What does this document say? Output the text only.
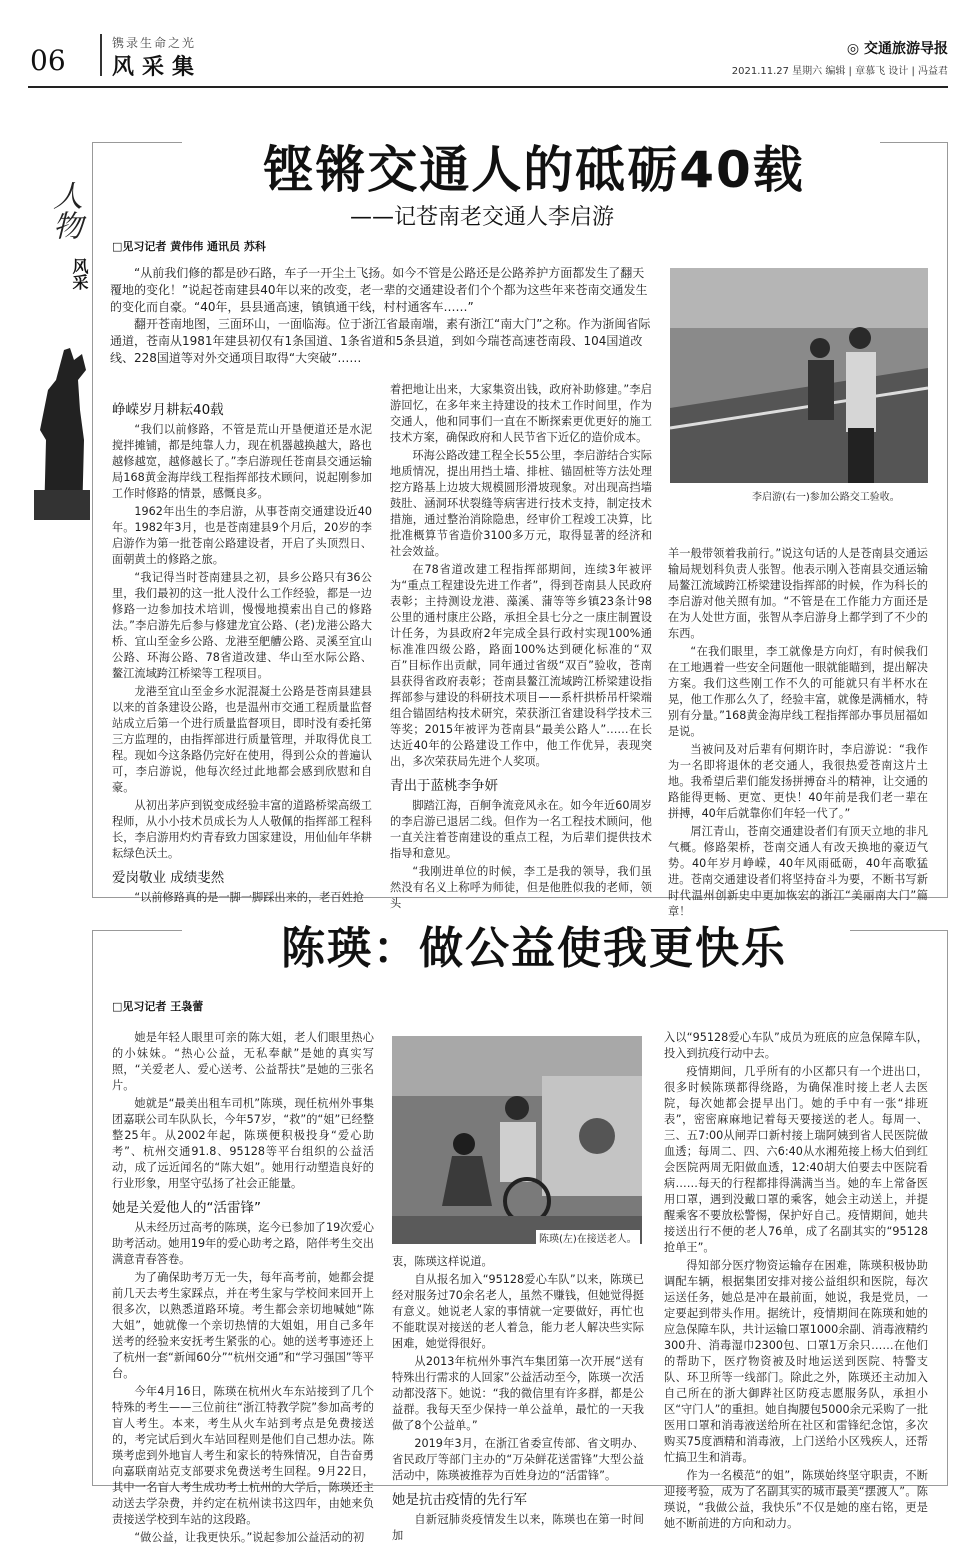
06
镌录生命之光
风采集
◎ 交通旅游导报
2021.11.27 星期六 编辑 | 章慕飞 设计 | 冯益君
人物
风采
铿锵交通人的砥砺40载
——记苍南老交通人李启游
□见习记者 黄伟伟 通讯员 苏科

“从前我们修的都是砂石路，车子一开尘土飞扬。如今不管是公路还是公路养护方面都发生了翻天覆地的变化！”说起苍南建县40年以来的改变，老一辈的交通建设者们个个都为这些年来苍南交通发生的变化而自豪。“40年，县县通高速，镇镇通干线，村村通客车……”

翻开苍南地图，三面环山，一面临海。位于浙江省最南端，素有浙江“南大门”之称。作为浙闽省际通道，苍南从1981年建县初仅有1条国道、1条省道和5条县道，到如今瑞苍高速苍南段、104国道改线、228国道等对外交通项目取得“大突破”……

李启游(右一)参加公路交工验收。
峥嵘岁月耕耘40载

“我们以前修路，不管是荒山开垦便道还是水泥搅拌摊铺，都是纯靠人力，现在机器越换越大，路也越修越宽，越修越长了。”李启游现任苍南县交通运输局168黄金海岸线工程指挥部技术顾问，说起刚参加工作时修路的情景，感慨良多。

1962年出生的李启游，从事苍南交通建设近40年。1982年3月，也是苍南建县9个月后，20岁的李启游作为第一批苍南公路建设者，开启了头顶烈日、面朝黄土的修路之旅。

“我记得当时苍南建县之初，县乡公路只有36公里，我们最初的这一批人没什么工作经验，都是一边修路一边参加技术培训，慢慢地摸索出自己的修路法。”李启游先后参与修建龙宜公路、(老)龙港公路大桥、宜山至金乡公路、龙港至舥艚公路、灵溪至宜山公路、环海公路、78省道改建、华山至水际公路、鳌江流域跨江桥梁等工程项目。

龙港至宜山至金乡水泥混凝土公路是苍南县建县以来的首条建设公路，也是温州市交通工程质量监督站成立后第一个进行质量监督项目，即时没有委托第三方监理的，由指挥部进行质量管理，并取得优良工程。现如今这条路仍完好在使用，得到公众的普遍认可，李启游说，他每次经过此地都会感到欣慰和自豪。

从初出茅庐到锐变成经验丰富的道路桥梁高级工程师，从小小技术员成长为人人敬佩的指挥部工程科长，李启游用灼灼青春致力国家建设，用仙仙年华耕耘绿色沃土。

爱岗敬业 成绩斐然

“以前修路真的是一脚一脚踩出来的，老百姓抢

着把地让出来，大家集资出钱，政府补助修建。”李启游回忆，在多年来主持建设的技术工作时间里，作为交通人，他和同事们一直在不断探索更优更好的施工技术方案，确保政府和人民节省下近亿的造价成本。

环海公路改建工程全长55公里，李启游结合实际地质情况，提出用挡土墙、排桩、锚固桩等方法处理挖方路基上边坡大规模圆形滑坡现象。对出现高挡墙鼓肚、涵洞环状裂缝等病害进行技术支持，制定技术措施，通过整治消除隐患，经审价工程竣工决算，比批准概算节省造价3100多万元，取得显著的经济和社会效益。

在78省道改建工程指挥部期间，连续3年被评为“重点工程建设先进工作者”，得到苍南县人民政府表彰；主持测设龙港、藻溪、蒲等等乡镇23条计98公里的通村康庄公路，承担全县七分之一康庄制置设计任务，为县政府2年完成全县行政村实现100%通标准准四级公路，路面100%达到硬化标准的“双百”目标作出贡献，同年通过省级“双百”验收，苍南县获得省政府表彰；苍南县鳌江流域跨江桥梁建设指挥部参与建设的科研技术项目——系杆拱桥吊杆梁端组合锚固结构技术研究，荣获浙江省建设科学技术三等奖；2015年被评为苍南县“最美公路人”……在长达近40年的公路建设工作中，他工作优异，表现突出，多次荣获局先进个人奖项。

青出于蓝桃李争妍

脚踏江海，百舸争流竞风永在。如今年近60周岁的李启游已退居二线。但作为一名工程技术顾问，他一直关注着苍南建设的重点工程，为后辈们提供技术指导和意见。

“我刚进单位的时候，李工是我的领导，我们虽然没有名义上称呼为师徒，但是他胜似我的老师，领头

羊一般带领着我前行。”说这句话的人是苍南县交通运输局规划科负责人张智。他表示刚入苍南县交通运输局鳌江流域跨江桥梁建设指挥部的时候，作为科长的李启游对他关照有加。“不管是在工作能力方面还是在为人处世方面，张智从李启游身上都学到了不少的东西。

“在我们眼里，李工就像是方向灯，有时候我们在工地遇着一些安全问题他一眼就能瞄到，提出解决方案。我们这些刚工作不久的可能就只有半杯水在晃，他工作那么久了，经验丰富，就像是满桶水，特别有分量。”168黄金海岸线工程指挥部办事员屈福如是说。

当被问及对后辈有何期许时，李启游说：“我作为一名即将退休的老交通人，我很热爱苍南这片土地。我希望后辈们能发扬拼搏奋斗的精神，让交通的路能得更畅、更宽、更快！40年前是我们老一辈在拼搏，40年后就靠你们年轻一代了。”

屑江青山，苍南交通建设者们有顶天立地的非凡气概。修路架桥，苍南交通人有改天换地的豪迈气势。40年岁月峥嵘，40年风雨砥砺，40年高歌猛进。苍南交通建设者们将坚持奋斗为要，不断书写新时代温州创新史中更加恢宏的浙江“美丽南大门”篇章！

陈瑛：做公益使我更快乐
□见习记者 王袅蕾
陈瑛(左)在接送老人。

她是年轻人眼里可亲的陈大姐，老人们眼里热心的小妹妹。“热心公益，无私奉献”是她的真实写照，“关爱老人、爱心送考、公益帮扶”是她的三张名片。

她就是“最美出租车司机”陈瑛，现任杭州外事集团嘉联公司车队队长，今年57岁，“救”的“姐”已经整整25年。从2002年起，陈瑛便积极投身“爱心助考”、杭州交通91.8、95128等平台组织的公益活动，成了远近闻名的“陈大姐”。她用行动塑造良好的行业形象，用坚守弘扬了社会正能量。

她是关爱他人的“活雷锋”

从未经历过高考的陈瑛，迄今已参加了19次爱心助考活动。她用19年的爱心助考之路，陪伴考生交出满意青春答卷。

为了确保助考万无一失，每年高考前，她都会提前几天去考生家踩点，并在考生家与学校间来回开上很多次，以熟悉道路环境。考生都会亲切地喊她“陈大姐”，她就像一个亲切热情的大姐姐，用自己多年送考的经验来安抚考生紧张的心。她的送考事迹还上了杭州一套“新闻60分”“杭州交通”和“学习强国”等平台。

今年4月16日，陈瑛在杭州火车东站接到了几个特殊的考生——三位前往“浙江特教学院”参加高考的盲人考生。本来，考生从火车站到考点是免费接送的，考完试后到火车站回程则是他们自己想办法。陈瑛考虑到外地盲人考生和家长的特殊情况，自告奋勇向嘉联南站克支部要求免费送考生回程。9月22日，其中一名盲人考生成功考上杭州的大学后，陈瑛还主动送去学杂费，并约定在杭州读书这四年，由她来负责接送学校到车站的这段路。

“做公益，让我更快乐。”说起参加公益活动的初

衷，陈瑛这样说道。

自从报名加入“95128爱心车队”以来，陈瑛已经对服务过70余名老人，虽然不赚钱，但她觉得挺有意义。她说老人家的事情就一定要做好，再忙也不能耽误对接送的老人着急，能力老人解决些实际困难，她觉得很好。

从2013年杭州外事汽车集团第一次开展“送有特殊出行需求的人回家”公益活动至今，陈瑛一次活动都没落下。她说：“我的微信里有许多群，都是公益群。我每天至少保持一单公益单，最忙的一天我做了8个公益单。”

2019年3月，在浙江省委宣传部、省文明办、省民政厅等部门主办的“万朵鲜花送雷锋”大型公益活动中，陈瑛被推荐为百姓身边的“活雷锋”。

她是抗击疫情的先行军

自新冠肺炎疫情发生以来，陈瑛也在第一时间加

入以“95128爱心车队”成员为班底的应急保障车队，投入到抗疫行动中去。

疫情期间，几乎所有的小区都只有一个进出口，很多时候陈瑛都得绕路，为确保准时接上老人去医院，每次她都会提早出门。她的手中有一张“排班表”，密密麻麻地记着每天要接送的老人。每周一、三、五7:00从闸弄口新村接上瑞阿姨到省人民医院做血透；每周二、四、六6:40从水湘苑接上杨大伯到红会医院两周无阳做血透，12:40胡大伯要去中医院看病……每天的行程都排得满满当当。她的车上常备医用口罩，遇到没戴口罩的乘客，她会主动送上，并提醒乘客不要放松警惕，保护好自己。疫情期间，她共接送出行不便的老人76单，成了名副其实的“95128抢单王”。

得知部分医疗物资运输存在困难，陈瑛积极协助调配车辆，根据集团安排对接公益组织和医院，每次运送任务，她总是冲在最前面，她说，我是党员，一定要起到带头作用。据统计，疫情期间在陈瑛和她的应急保障车队，共计运输口罩1000余副、消毒液精约300升、消毒湿巾2300包、口罩1万余只……在他们的帮助下，医疗物资被及时地运送到医院、特警支队、环卫所等一线部门。除此之外，陈瑛还主动加入自己所在的浙大御跸社区防疫志愿服务队，承担小区“守门人”的重担。她自掏腰包5000余元采购了一批医用口罩和消毒液送给所在社区和雷锋纪念馆，多次购买75度酒精和消毒液，上门送给小区残疾人，还帮忙搞卫生和消毒。

作为一名模范“的姐”，陈瑛始终坚守职责，不断迎接考验，成为了名副其实的城市最美“摆渡人”。陈瑛说，“我做公益，我快乐”不仅是她的座右铭，更是她不断前进的方向和动力。
